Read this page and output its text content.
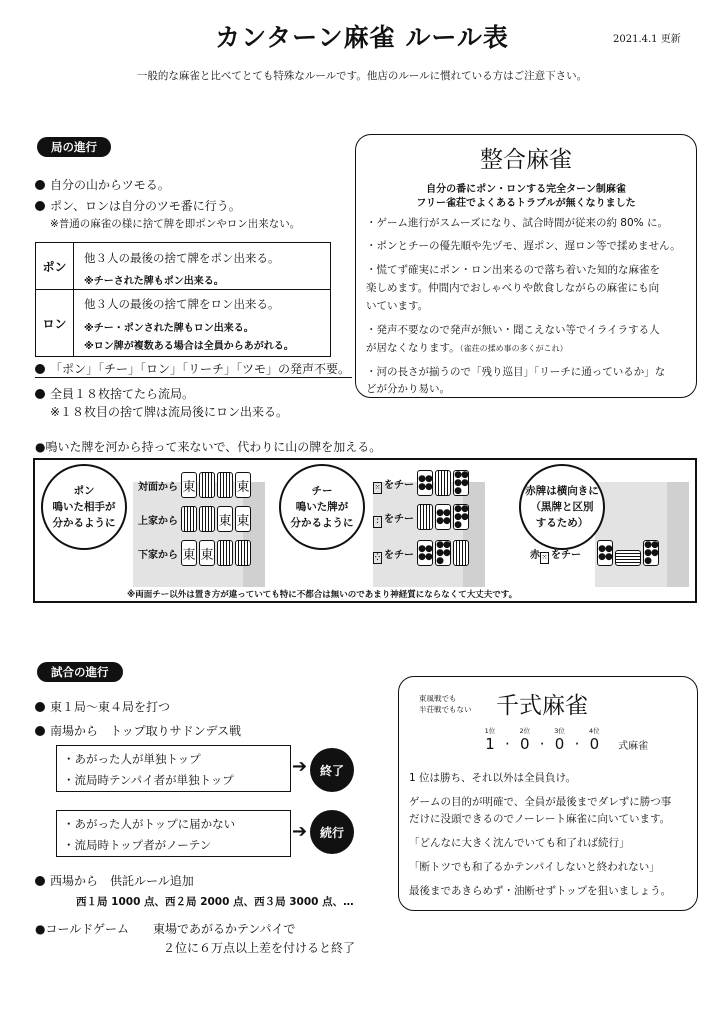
カンターン麻雀 ルール表	2021.4.1 更新
一般的な麻雀と比べてとても特殊なルールです。他店のルールに慣れている方はご注意下さい。
局の進行
自分の山からツモる。
ポン、ロンは自分のツモ番に行う。
※普通の麻雀の様に捨て牌を即ポンやロン出来ない。
ポン
他３人の最後の捨て牌をポン出来る。
※チーされた牌もポン出来る。
ロン
他３人の最後の捨て牌をロン出来る。
※チー・ポンされた牌もロン出来る。
※ロン牌が複数ある場合は全員からあがれる。
「ポン」「チー」「ロン」「リーチ」「ツモ」の発声不要。
全員１８枚捨てたら流局。
※１８枚目の捨て牌は流局後にロン出来る。
整合麻雀
自分の番にポン・ロンする完全ターン制麻雀
フリー雀荘でよくあるトラブルが無くなりました
・ゲーム進行がスムーズになり、試合時間が従来の約 80% に。
・ポンとチーの優先順や先ヅモ、遅ポン、遅ロン等で揉めません。
・慌てず確実にポン・ロン出来るので落ち着いた知的な麻雀を
楽しめます。仲間内でおしゃべりや飲食しながらの麻雀にも向
いています。
・発声不要なので発声が無い・聞こえない等でイライラする人
が居なくなります。（雀荘の揉め事の多くがこれ）
・河の長さが揃うので「残り巡目」「リーチに通っているか」な
どが分かり易い。
●鳴いた牌を河から持って来ないで、代わりに山の牌を加える。
ポン
鳴いた相手が
分かるように
対面から 東	東
上家から	東 東
下家から 東 東
チー
鳴いた牌が
分かるように
⁙ をチー
●●
●●
●●
●●
●
⁚ をチー
●●
●●
●●
●●
●
⁛ をチー
●●
●●
●●
●●
●
赤牌は横向きに
（黒牌と区別
するため）
赤 ⁙ をチー
●●
●●
●●
●●
●
※両面チー以外は置き方が違っていても特に不都合は無いのであまり神経質にならなくて大丈夫です。
試合の進行
東１局〜東４局を打つ
南場から　トップ取りサドンデス戦
・あがった人が単独トップ
・流局時テンパイ者が単独トップ
➔	終了
・あがった人がトップに届かない
・流局時トップ者がノーテン
➔	続行
西場から　供託ルール追加
西１局 1000 点、西２局 2000 点、西３局 3000 点、…
●コールドゲーム　　東場であがるかテンパイで
２位に６万点以上差を付けると終了
東風戦でも
半荘戦でもない 千式麻雀
1位
1 ·
2位
0 ·
3位
0 ·
4位
0 式麻雀
1 位は勝ち、それ以外は全員負け。
ゲームの目的が明確で、全員が最後までダレずに勝つ事
だけに没頭できるのでノーレート麻雀に向いています。
「どんなに大きく沈んでいても和了れば続行」
「断トツでも和了るかテンパイしないと終われない」
最後まであきらめず・油断せずトップを狙いましょう。
